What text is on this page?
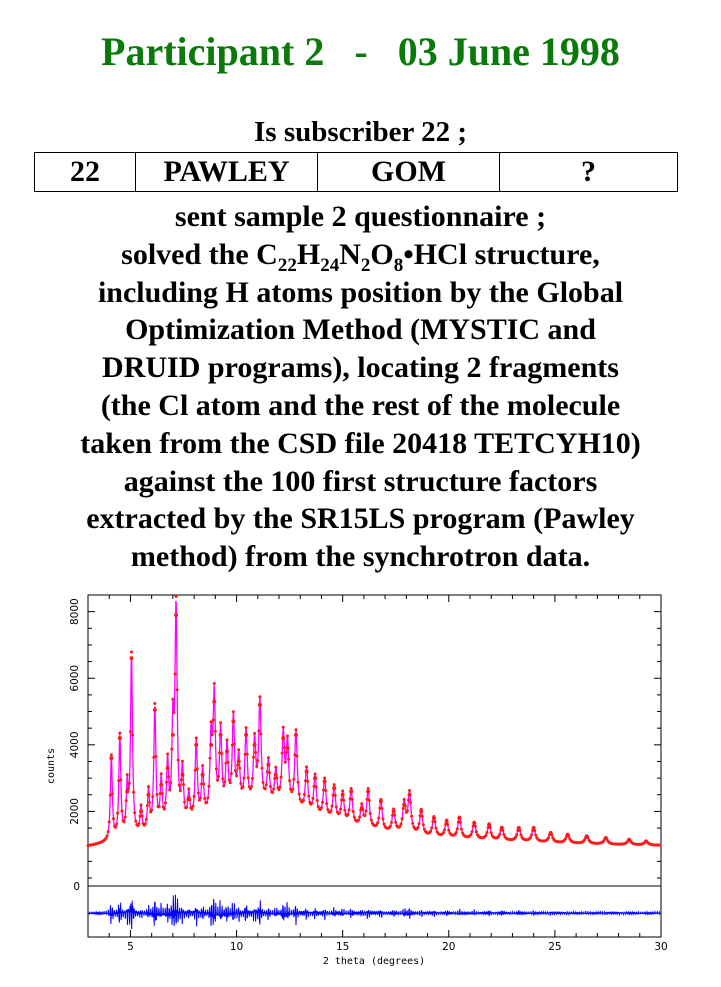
Participant 2 - 03 June 1998
Is subscriber 22 ;
22	PAWLEY	GOM	?
sent sample 2 questionnaire ;
solved the $C_{22}H_{24}N_2O_8•HCl$ structure,
including H atoms position by the Global
Optimization Method (MYSTIC and
DRUID programs), locating 2 fragments
(the Cl atom and the rest of the molecule
taken from the CSD file 20418 TETCYH10)
against the 100 first structure factors
extracted by the SR15LS program (Pawley
method) from the synchrotron data.
5	10	15	20	25	30
2000
4000
6000
8000
0
2 theta (degrees)
counts
